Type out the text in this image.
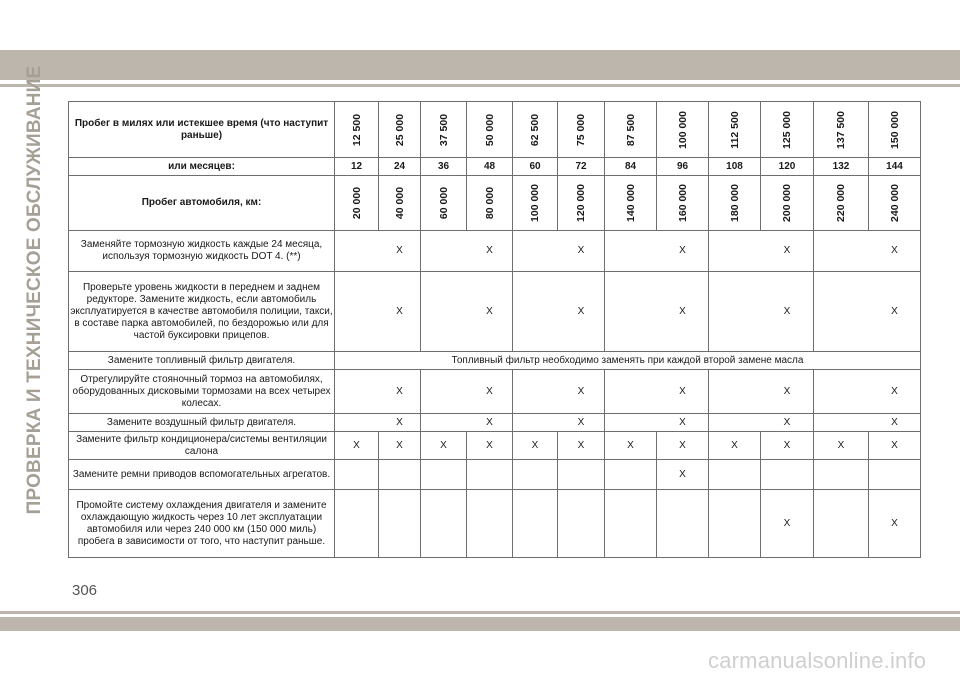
ПРОВЕРКА И ТЕХНИЧЕСКОЕ ОБСЛУЖИВАНИЕ	Пробег в милях или истекшее время (что наступит раньше)	12 500	25 000	37 500	50 000	62 500	75 000	87 500	100 000	112 500	125 000	137 500	150 000

или месяцев:	12	24	36	48	60	72	84	96	108	120	132	144
Пробег автомобиля, км:	20 000	40 000	60 000	80 000	100 000	120 000	140 000	160 000	180 000	200 000	220 000	240 000

Заменяйте тормозную жидкость каждые 24 месяца, используя тормозную жидкость DOT 4. (**)		X		X		X		X		X		X
Проверьте уровень жидкости в переднем и заднем редукторе. Замените жидкость, если автомобиль эксплуатируется в качестве автомобиля полиции, такси, в составе парка автомобилей, по бездорожью или для частой буксировки прицепов.		X		X		X		X		X		X
Замените топливный фильтр двигателя.	Топливный фильтр необходимо заменять при каждой второй замене масла											
Отрегулируйте стояночный тормоз на автомобилях, оборудованных дисковыми тормозами на всех четырех колесах.		X		X		X		X		X		X
Замените воздушный фильтр двигателя.		X		X		X		X		X		X
Замените фильтр кондиционера/системы вентиляции салона	X	X	X	X	X	X	X	X	X	X	X	X
Замените ремни приводов вспомогательных агрегатов.								X				
Промойте систему охлаждения двигателя и замените охлаждающую жидкость через 10 лет эксплуатации автомобиля или через 240 000 км (150 000 миль) пробега в зависимости от того, что наступит раньше.										X		X
306
carmanualsonline.info
